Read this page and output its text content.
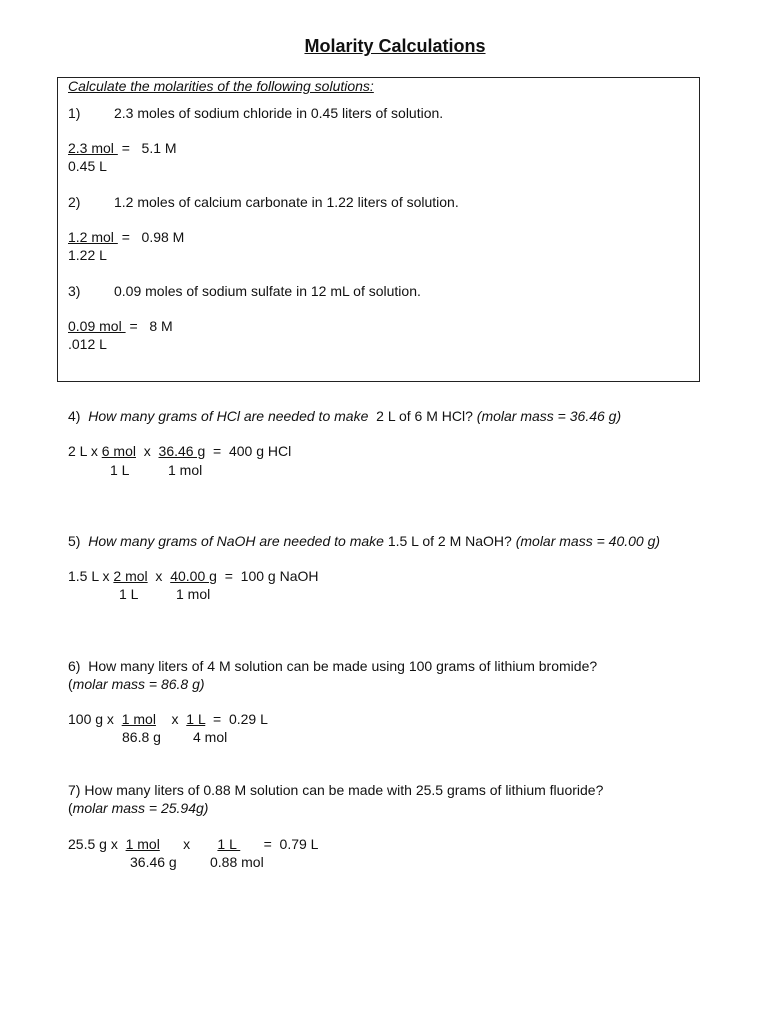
Molarity Calculations
Calculate the molarities of the following solutions:
1) 2.3 moles of sodium chloride in 0.45 liters of solution.
2.3 mol  =   5.1 M
0.45 L
2) 1.2 moles of calcium carbonate in 1.22 liters of solution.
1.2 mol  =   0.98 M
1.22 L
3) 0.09 moles of sodium sulfate in 12 mL of solution.
0.09 mol  =   8 M
.012 L
4) How many grams of HCl are needed to make  2 L of 6 M HCl? (molar mass = 36.46 g)
2 L x 6 mol  x  36.46 g  =  400 g HCl
1 L	1 mol
5) How many grams of NaOH are needed to make 1.5 L of 2 M NaOH? (molar mass = 40.00 g)
1.5 L x 2 mol  x  40.00 g  =  100 g NaOH
1 L	1 mol
6)  How many liters of 4 M solution can be made using 100 grams of lithium bromide?
(molar mass = 86.8 g)
100 g x  1 mol    x  1 L  =  0.29 L
86.8 g 4 mol
7) How many liters of 0.88 M solution can be made with 25.5 grams of lithium fluoride?
(molar mass = 25.94g)
25.5 g x  1 mol      x       1 L       =  0.79 L
36.46 g 0.88 mol
